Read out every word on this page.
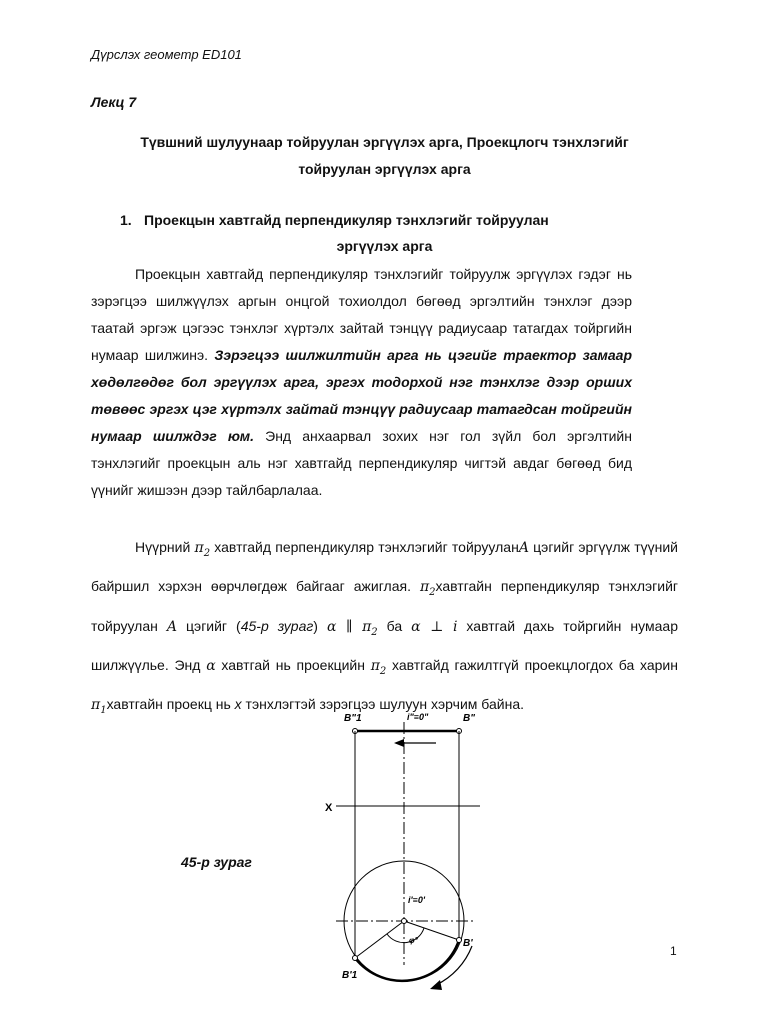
Дүрслэх геометр ED101
Лекц 7
Түвшний шулуунаар тойруулан эргүүлэх арга, Проекцлогч тэнхлэгийг
тойруулан эргүүлэх арга
1. Проекцын хавтгайд перпендикуляр тэнхлэгийг тойруулан
эргүүлэх арга
Проекцын хавтгайд перпендикуляр тэнхлэгийг тойруулж эргүүлэх гэдэг нь зэрэгцээ шилжүүлэх аргын онцгой тохиолдол бөгөөд эргэлтийн тэнхлэг дээр таатай эргэж цэгээс тэнхлэг хүртэлх зайтай тэнцүү радиусаар татагдах тойргийн нумаар шилжинэ. Зэрэгцээ шилжилтийн арга нь цэгийг траектор замаар хөдөлгөдөг бол эргүүлэх арга, эргэх тодорхой нэг тэнхлэг дээр орших төвөөс эргэх цэг хүртэлх зайтай тэнцүү радиусаар татагдсан тойргийн нумаар шилждэг юм. Энд анхаарвал зохих нэг гол зүйл бол эргэлтийн тэнхлэгийг проекцын аль нэг хавтгайд перпендикуляр чигтэй авдаг бөгөөд бид үүнийг жишээн дээр тайлбарлалаа.
Нүүрний $\pi_2$ хавтгайд перпендикуляр тэнхлэгийг тойрууланA цэгийг эргүүлж түүний байршил хэрхэн өөрчлөгдөж байгааг ажиглая. $\pi_2хавтгайн$ перпендикуляр тэнхлэгийг тойруулан A цэгийг (45-р зураг) α ∥ $\pi_2$ ба α ⊥ i хавтгай дахь тойргийн нумаар шилжүүлье. Энд α хавтгай нь проекцийн $\pi_2$ хавтгайд гажилтгүй проекцлогдох ба харин $\pi_1хавтгайн$ проекц нь x тэнхлэгтэй зэрэгцээ шулуун хэрчим байна.
B"1	i"≡0"	B"
X
i'≡0'
φ°	B'
B'1
45-р зураг
1
